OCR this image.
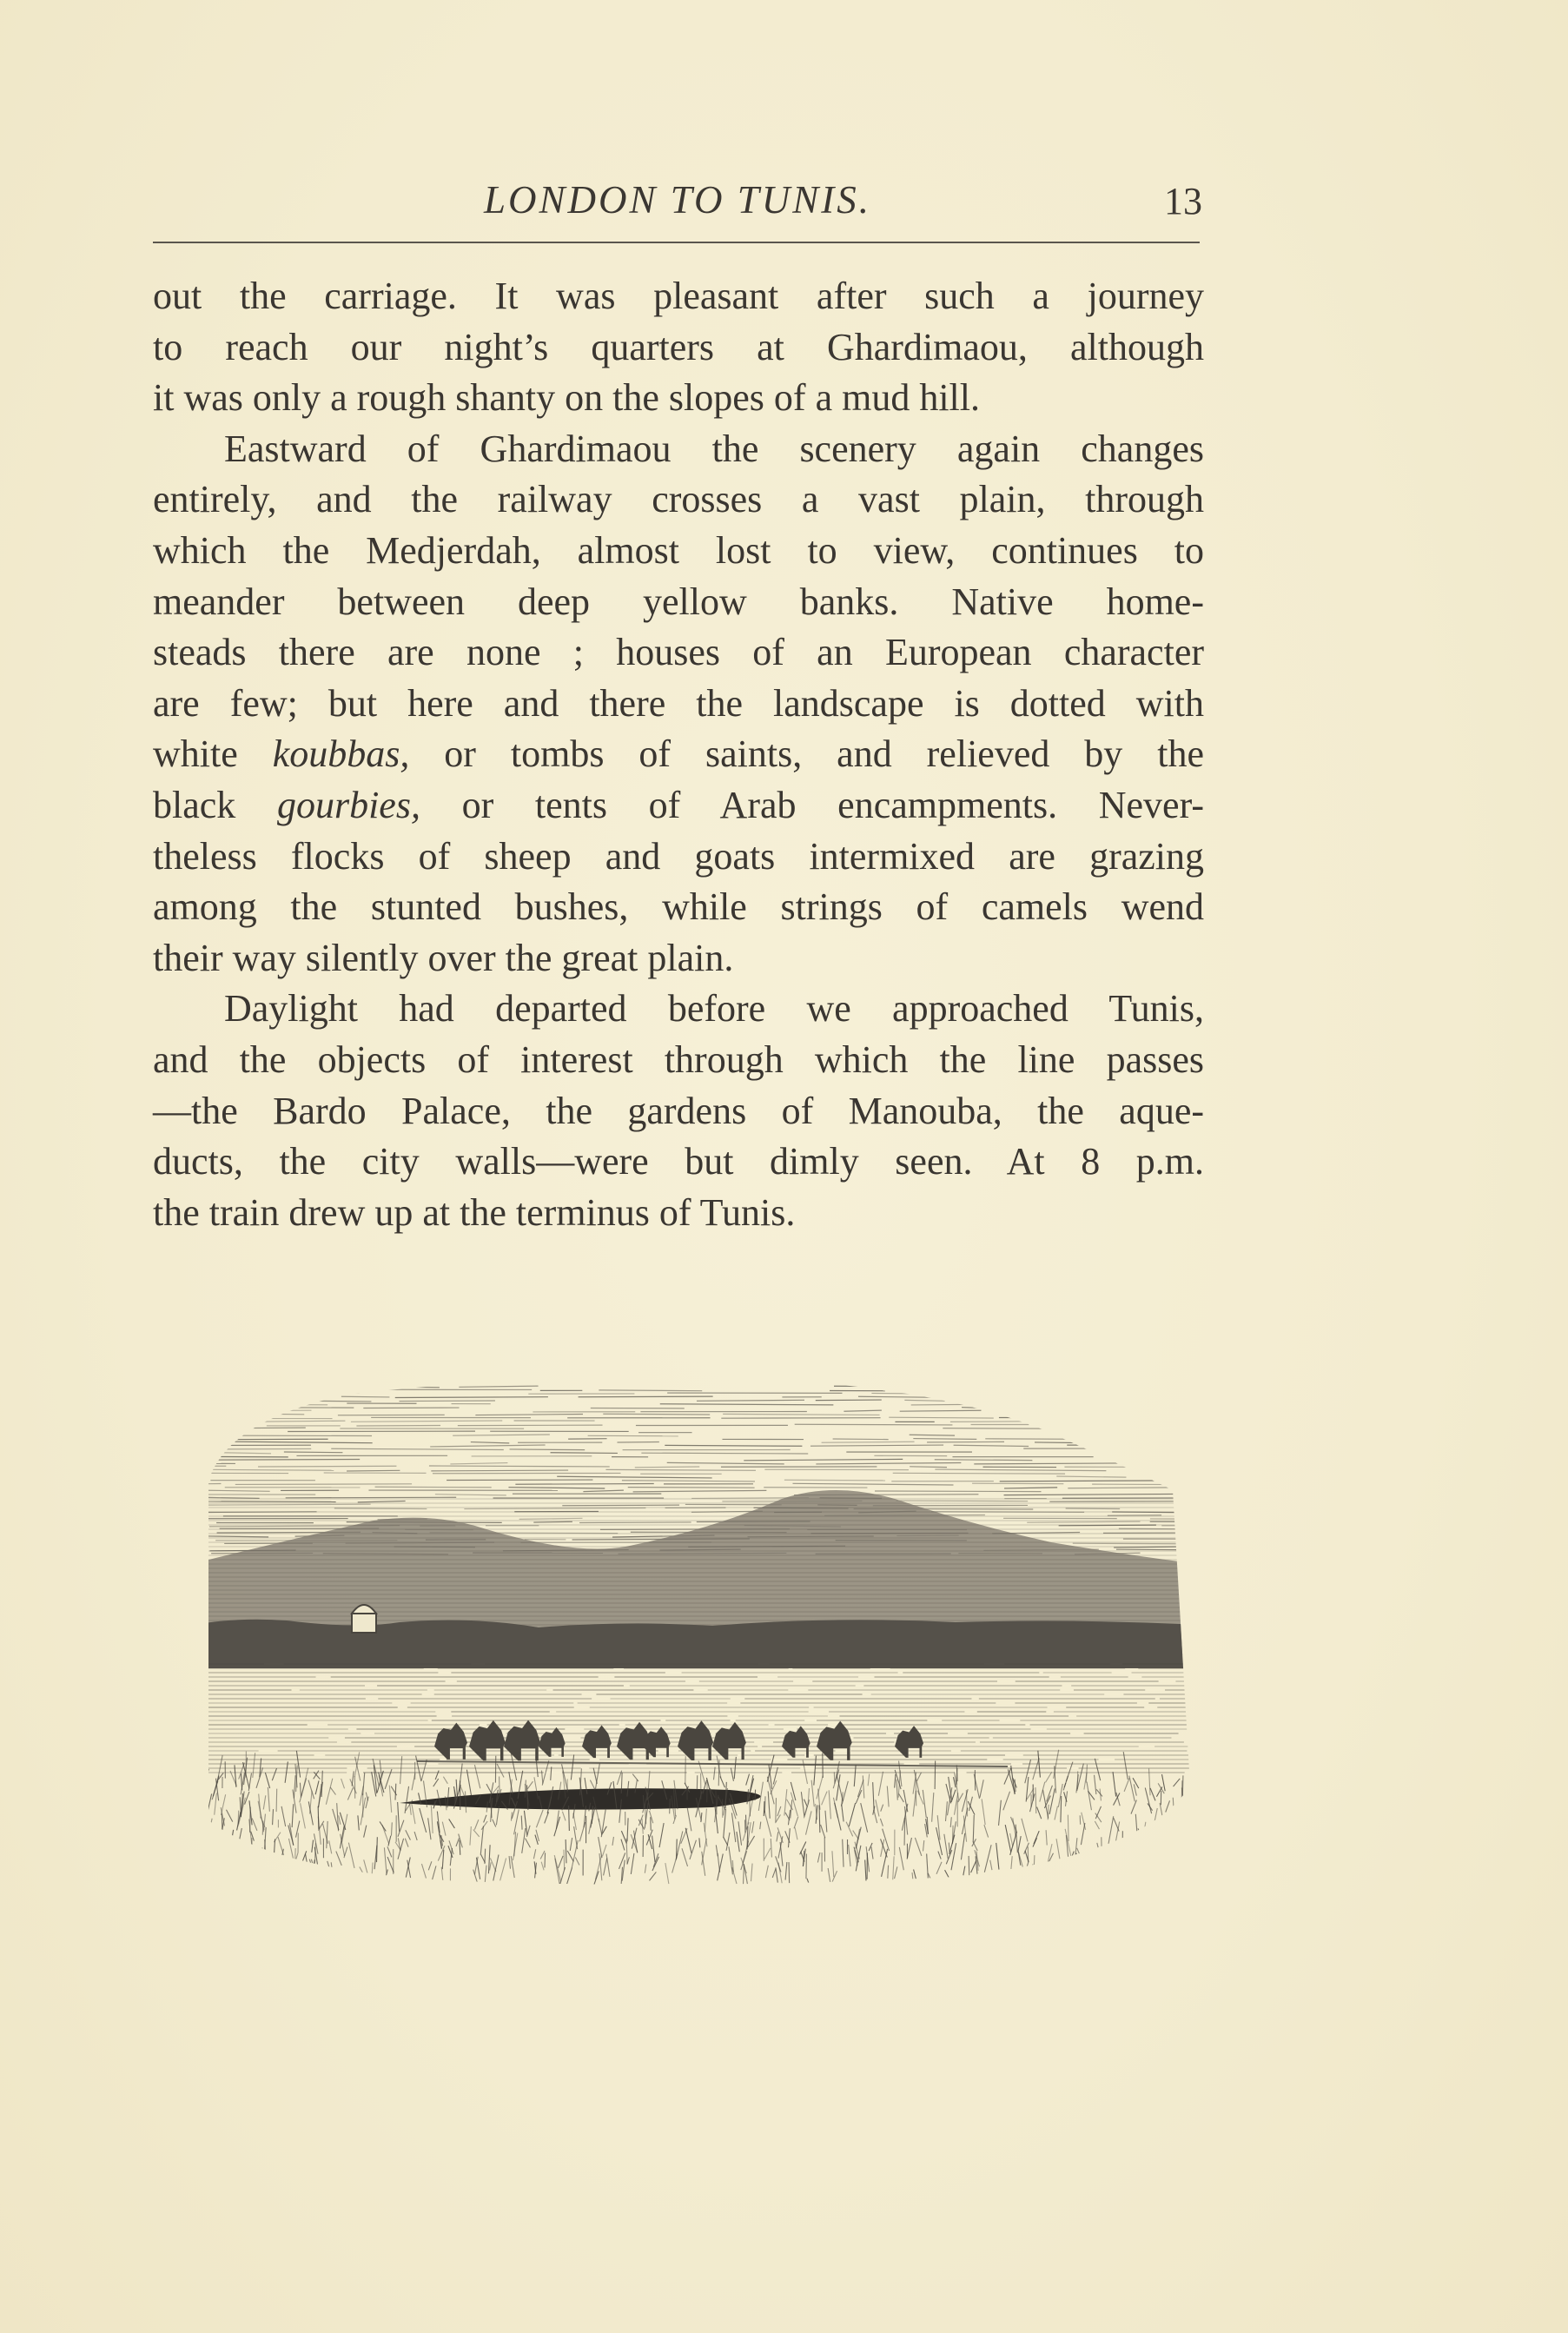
LONDON TO TUNIS.	13
out the carriage. It was pleasant after such a journey
to reach our night’s quarters at Ghardimaou, although
it was only a rough shanty on the slopes of a mud hill.
Eastward of Ghardimaou the scenery again changes
entirely, and the railway crosses a vast plain, through
which the Medjerdah, almost lost to view, continues to
meander between deep yellow banks. Native home-
steads there are none ; houses of an European character
are few; but here and there the landscape is dotted with
white koubbas, or tombs of saints, and relieved by the
black gourbies, or tents of Arab encampments. Never-
theless flocks of sheep and goats intermixed are grazing
among the stunted bushes, while strings of camels wend
their way silently over the great plain.
Daylight had departed before we approached Tunis,
and the objects of interest through which the line passes
—the Bardo Palace, the gardens of Manouba, the aque-
ducts, the city walls—were but dimly seen. At 8 p.m.
the train drew up at the terminus of Tunis.
